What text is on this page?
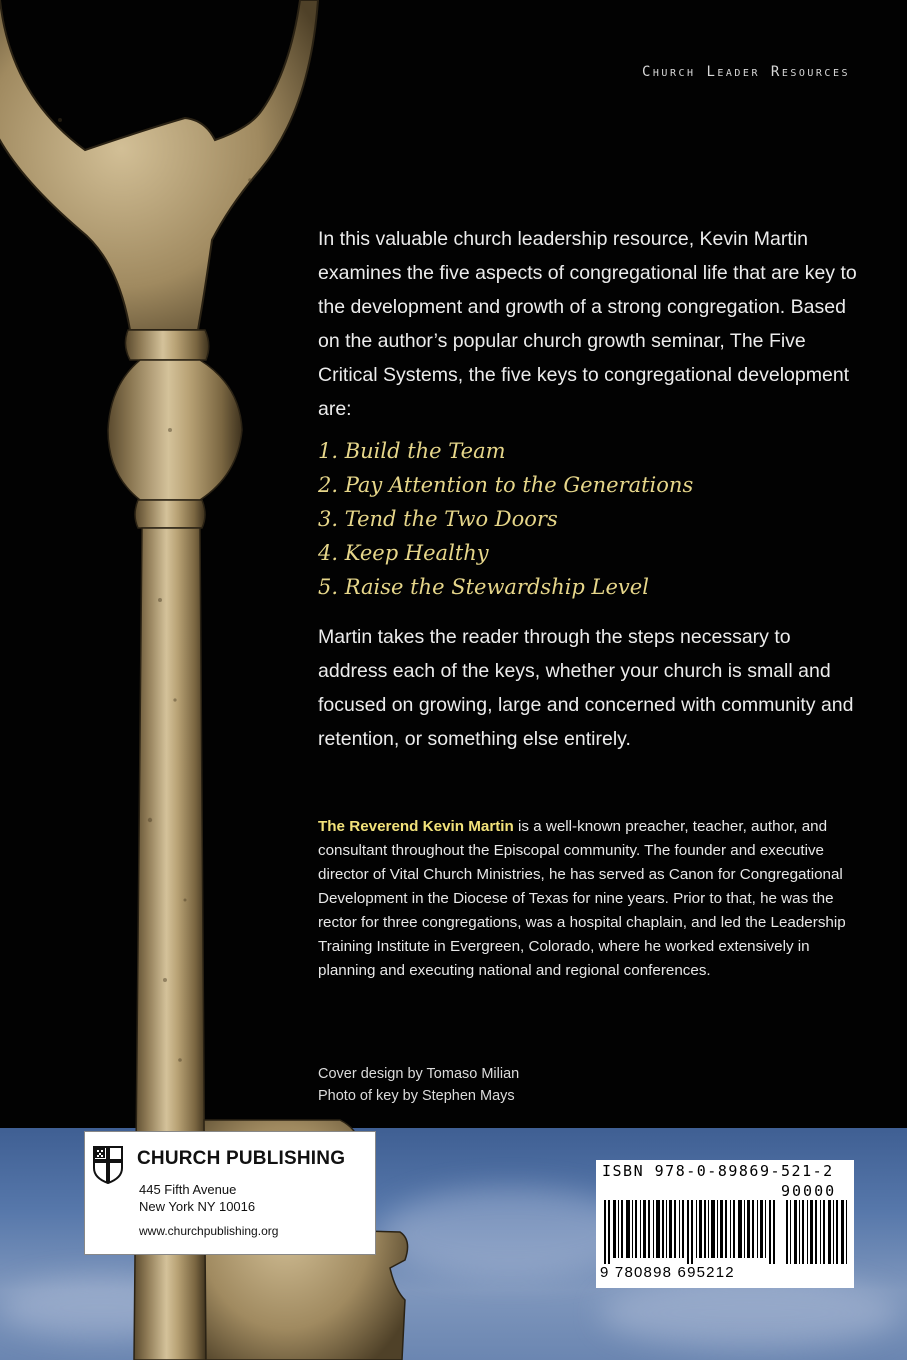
Church Leader Resources

In this valuable church leadership resource, Kevin Martin examines the five aspects of congregational life that are key to the development and growth of a strong congregation. Based on the author’s popular church growth seminar, The Five Critical Systems, the five keys to congregational development are:

1. Build the Team
2. Pay Attention to the Generations
3. Tend the Two Doors
4. Keep Healthy
5. Raise the Stewardship Level

Martin takes the reader through the steps necessary to address each of the keys, whether your church is small and focused on growing, large and concerned with community and retention, or something else entirely.

The Reverend Kevin Martin is a well-known preacher, teacher, author, and consultant throughout the Episcopal community. The founder and executive director of Vital Church Ministries, he has served as Canon for Congregational Development in the Diocese of Texas for nine years. Prior to that, he was the rector for three congregations, was a hospital chaplain, and led the Leadership Training Institute in Evergreen, Colorado, where he worked extensively in planning and executing national and regional conferences.

Cover design by Tomaso Milian
Photo of key by Stephen Mays
CHURCH PUBLISHING
445 Fifth Avenue
New York NY 10016
www.churchpublishing.org
ISBN 978-0-89869-521-2
90000
9 780898 695212
